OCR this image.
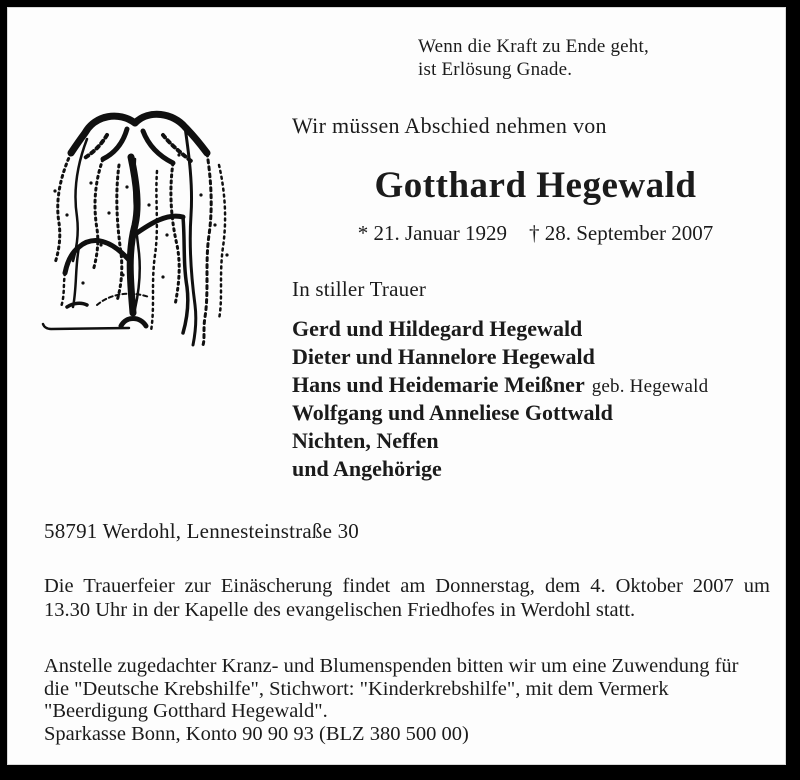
Wenn die Kraft zu Ende geht,
ist Erlösung Gnade.
Wir müssen Abschied nehmen von
Gotthard Hegewald
* 21. Januar 1929 † 28. September 2007
In stiller Trauer
Gerd und Hildegard Hegewald
Dieter und Hannelore Hegewald
Hans und Heidemarie Meißner geb. Hegewald
Wolfgang und Anneliese Gottwald
Nichten, Neffen
und Angehörige
58791 Werdohl, Lennesteinstraße 30
Die Trauerfeier zur Einäscherung findet am Donnerstag, dem 4. Oktober 2007 um
13.30 Uhr in der Kapelle des evangelischen Friedhofes in Werdohl statt.
Anstelle zugedachter Kranz- und Blumenspenden bitten wir um eine Zuwendung für
die "Deutsche Krebshilfe", Stichwort: "Kinderkrebshilfe", mit dem Vermerk
"Beerdigung Gotthard Hegewald".
Sparkasse Bonn, Konto 90 90 93 (BLZ 380 500 00)
